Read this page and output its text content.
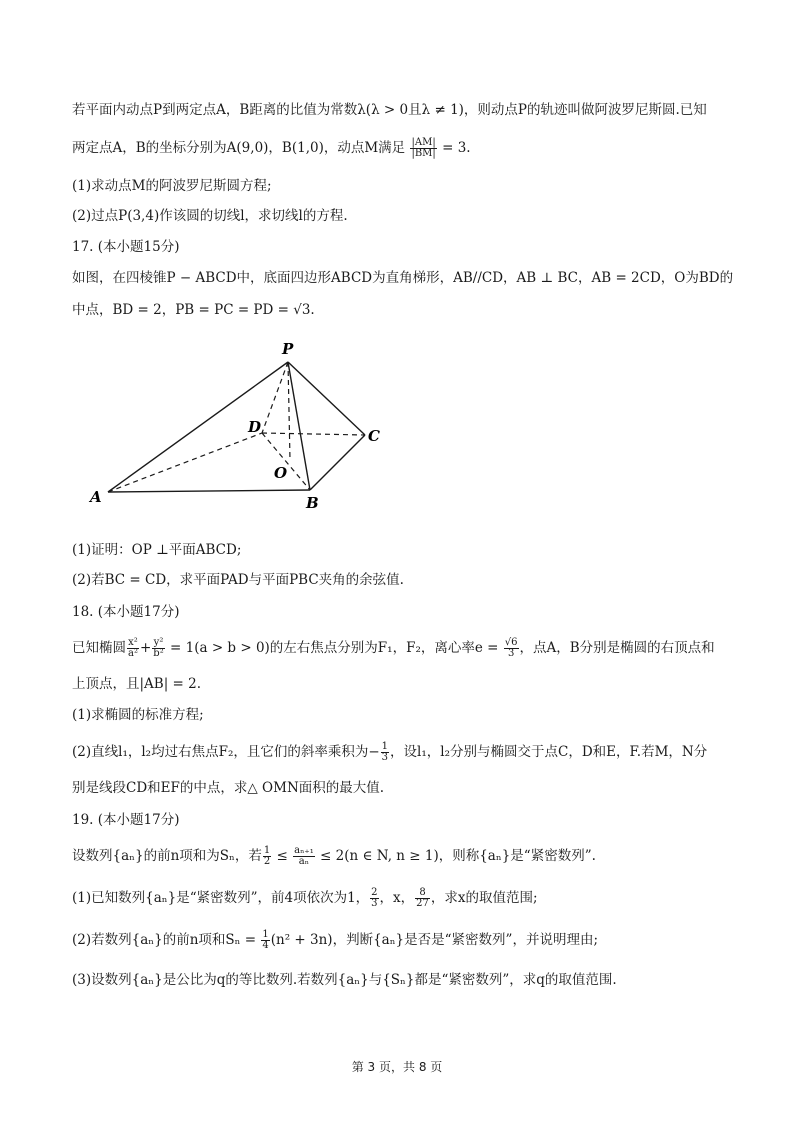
若平面内动点P到两定点A，B距离的比值为常数λ(λ > 0且λ ≠ 1)，则动点P的轨迹叫做阿波罗尼斯圆.已知
两定点A，B的坐标分别为A(9,0)，B(1,0)，动点M满足 $\frac{|AM|}{|BM|} = 3$.
(1)求动点M的阿波罗尼斯圆方程;
(2)过点P(3,4)作该圆的切线l，求切线l的方程.
17. (本小题15分)
如图，在四棱锥P − ABCD中，底面四边形ABCD为直角梯形，AB//CD，AB ⊥ BC，AB = 2CD，O为BD的
中点，BD = 2，PB = PC = PD = √3.
P
D	C
O
A	B
(1)证明：OP ⊥平面ABCD;
(2)若BC = CD，求平面PAD与平面PBC夹角的余弦值.
18. (本小题17分)
已知椭圆 $\frac{\text{x²}}{\text{a²}} + \frac{\text{y²}}{\text{b²}} = 1(a > b > 0)$的左右焦点分别为F₁，F₂，离心率$e = \frac{√6}{3}$ ，点A，B分别是椭圆的右顶点和
上顶点，且|AB| = 2.
(1)求椭圆的标准方程;
(2)直线l₁，l₂均过右焦点F₂，且它们的斜率乘积为− $\frac{1}{3}$ ，设l₁，l₂分别与椭圆交于点C，D和E，F.若M，N分
别是线段CD和EF的中点，求△ OMN面积的最大值.
19. (本小题17分)
设数列{aₙ}的前n项和为Sₙ，若 $\frac{1}{2} \le \frac{\text{aₙ₊₁}}{\text{aₙ}} \le 2(n$ ∈ N, n ≥ 1)，则称{aₙ}是“紧密数列”.
(1)已知数列{aₙ}是“紧密数列”，前4项依次为1， $\frac{2}{3}$ ，x， $\frac{8}{27}$ ，求x的取值范围;
(2)若数列{aₙ}的前n项和$S_n = \frac{1}{4} (n^2 + 3n)$，判断{aₙ}是否是“紧密数列”，并说明理由;
(3)设数列{aₙ}是公比为q的等比数列.若数列{aₙ}与{Sₙ}都是“紧密数列”，求q的取值范围.
第 3 页，共 8 页
